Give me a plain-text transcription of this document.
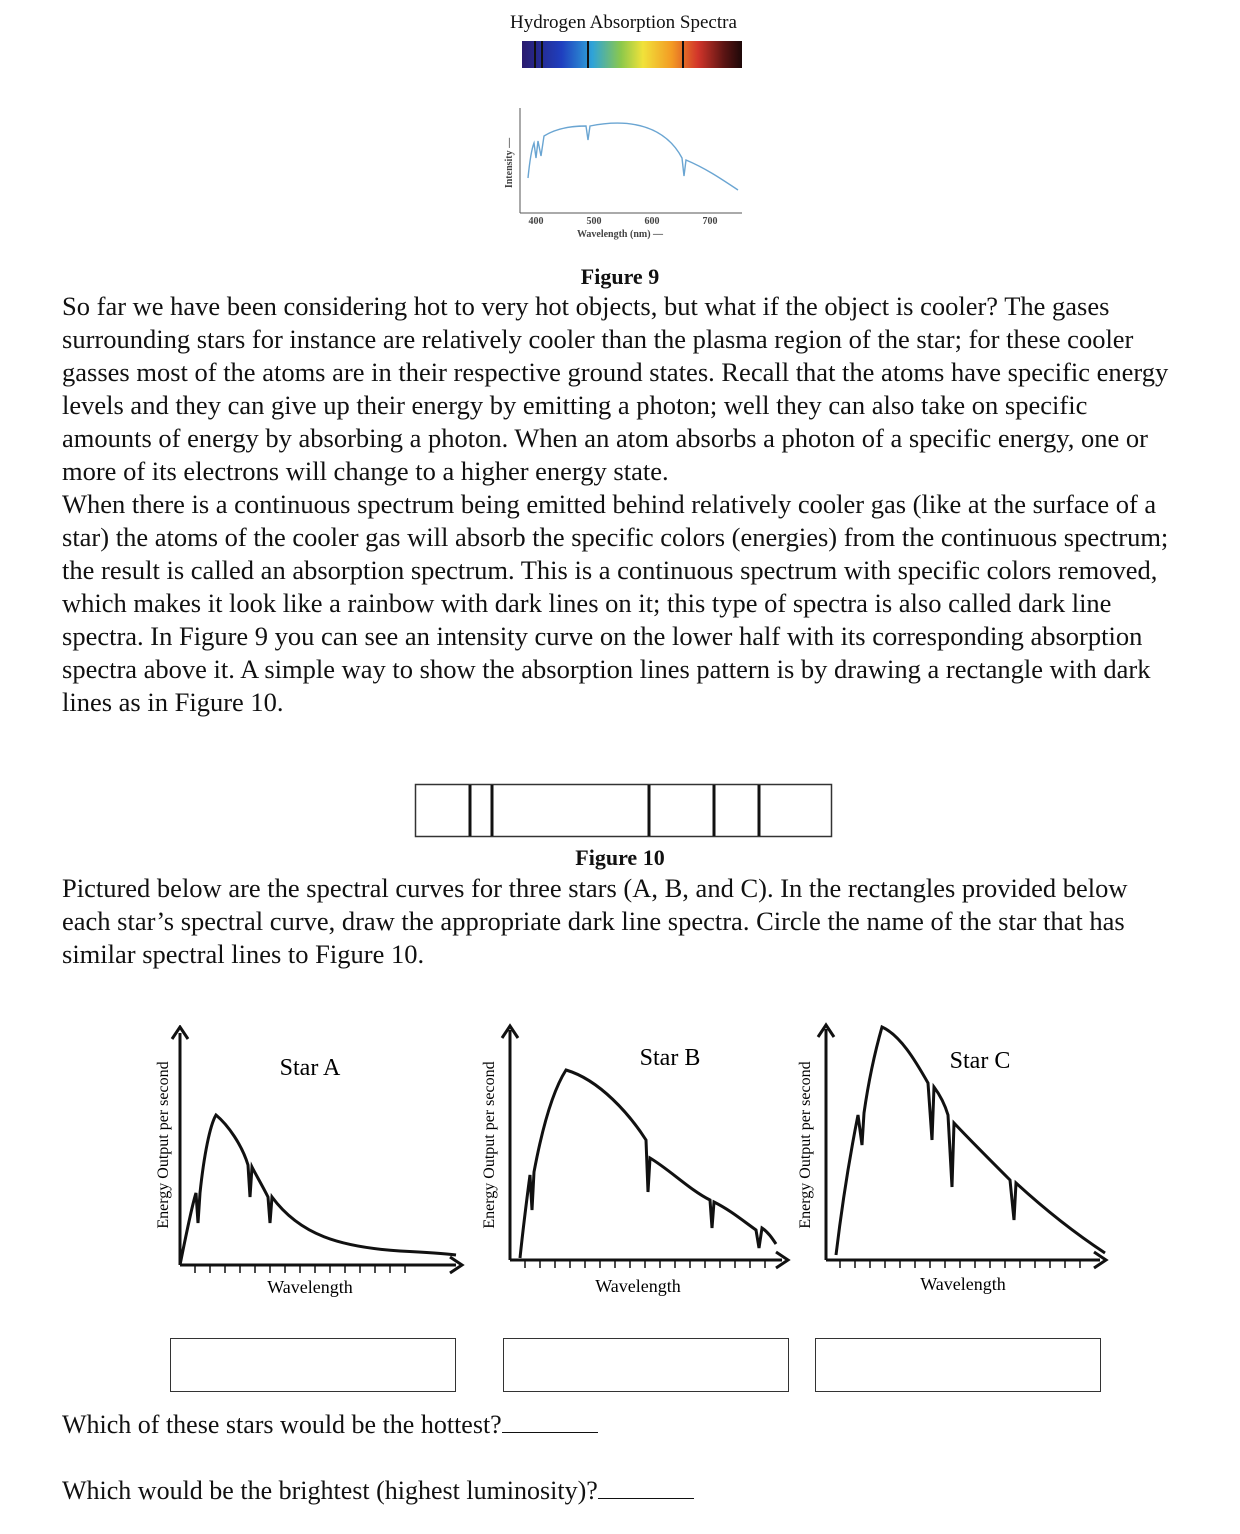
Hydrogen Absorption Spectra
Intensity —
400	500	600	700
Wavelength (nm) —
Figure 9

So far we have been considering hot to very hot objects, but what if the object is cooler? The gases surrounding stars for instance are relatively cooler than the plasma region of the star; for these cooler gasses most of the atoms are in their respective ground states. Recall that the atoms have specific energy levels and they can give up their energy by emitting a photon; well they can also take on specific amounts of energy by absorbing a photon. When an atom absorbs a photon of a specific energy, one or more of its electrons will change to a higher energy state.

When there is a continuous spectrum being emitted behind relatively cooler gas (like at the surface of a star) the atoms of the cooler gas will absorb the specific colors (energies) from the continuous spectrum; the result is called an absorption spectrum. This is a continuous spectrum with specific colors removed, which makes it look like a rainbow with dark lines on it; this type of spectra is also called dark line spectra. In Figure 9 you can see an intensity curve on the lower half with its corresponding absorption spectra above it. A simple way to show the absorption lines pattern is by drawing a rectangle with dark lines as in Figure 10.

Figure 10
Pictured below are the spectral curves for three stars (A, B, and C). In the rectangles provided below each star’s spectral curve, draw the appropriate dark line spectra. Circle the name of the star that has similar spectral lines to Figure 10.
Energy Output per second	Star A
Wavelength
Energy Output per second
Star B
Wavelength
Energy Output per second
Star C
Wavelength
Which of these stars would be the hottest?
Which would be the brightest (highest luminosity)?
